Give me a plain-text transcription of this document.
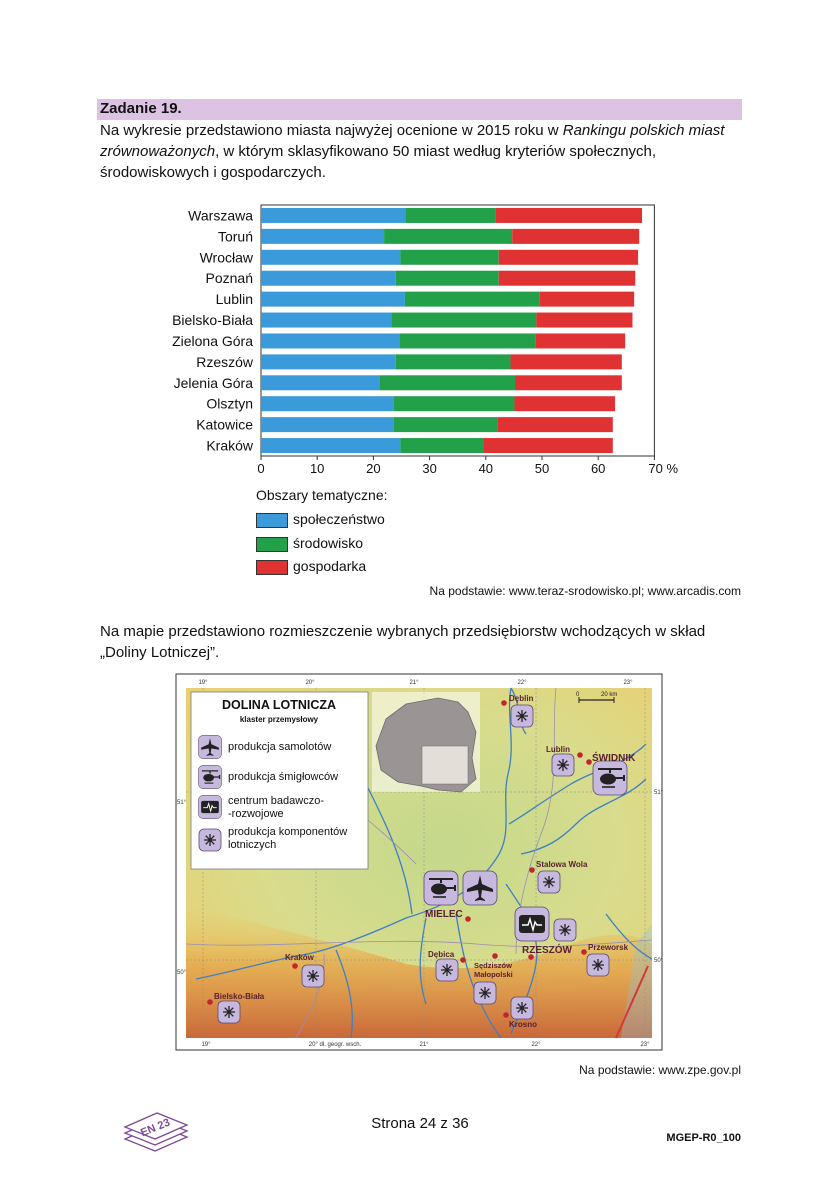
Zadanie 19.
Na wykresie przedstawiono miasta najwyżej ocenione w 2015 roku w Rankingu polskich miast zrównoważonych, w którym sklasyfikowano 50 miast według kryteriów społecznych, środowiskowych i gospodarczych.
0	10	20	30	40	50	60	70 %
Warszawa
Toruń
Wrocław
Poznań
Lublin
Bielsko-Biała
Zielona Góra
Rzeszów
Jelenia Góra
Olsztyn
Katowice
Kraków
Obszary tematyczne:
społeczeństwo
środowisko
gospodarka
Na podstawie: www.teraz-srodowisko.pl; www.arcadis.com
Na mapie przedstawiono rozmieszczenie wybranych przedsiębiorstw wchodzących w skład „Doliny Lotniczej”.
19°	20°	21°	22°	23°
19°	20° dł. geogr. wsch.	21°	22°	23°
51°
51°
50°
50°
0	20 km
DOLINA LOTNICZA
klaster przemysłowy
produkcja samolotów
produkcja śmigłowców
centrum badawczo-
-rozwojowe
produkcja komponentów
lotniczych
Dęblin
Lublin
ŚWIDNIK
Stalowa Wola
MIELEC
RZESZÓW Przeworsk
Dębica
Sędziszów
Małopolski
Kraków
Krosno
Bielsko-Biała
Na podstawie: www.zpe.gov.pl
EN 23	Strona 24 z 36
MGEP-R0_100
